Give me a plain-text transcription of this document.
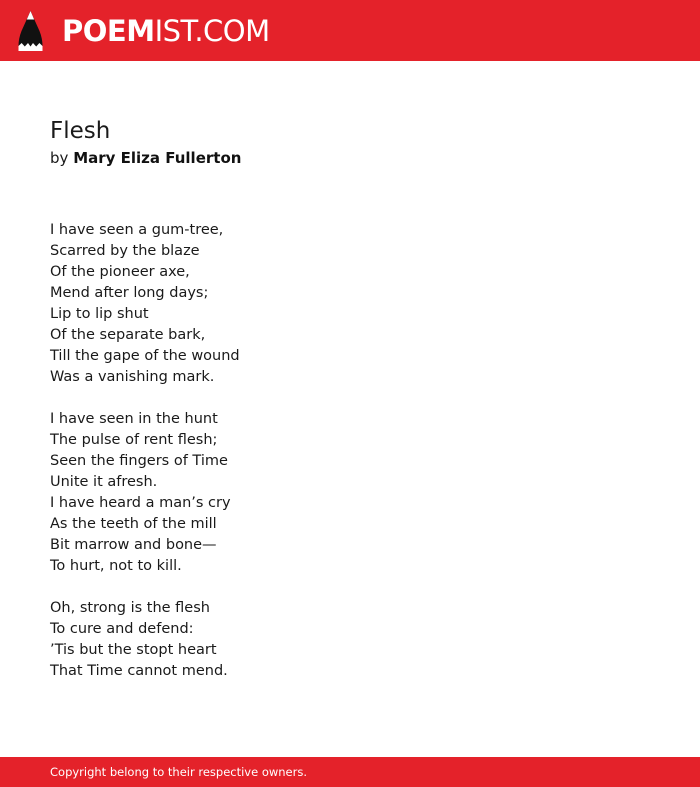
POEMIST.COM
Flesh
by Mary Eliza Fullerton
I have seen a gum-tree,
Scarred by the blaze
Of the pioneer axe,
Mend after long days;
Lip to lip shut
Of the separate bark,
Till the gape of the wound
Was a vanishing mark.
I have seen in the hunt
The pulse of rent flesh;
Seen the fingers of Time
Unite it afresh.
I have heard a man’s cry
As the teeth of the mill
Bit marrow and bone—
To hurt, not to kill.
Oh, strong is the flesh
To cure and defend:
’Tis but the stopt heart
That Time cannot mend.
Copyright belong to their respective owners.
